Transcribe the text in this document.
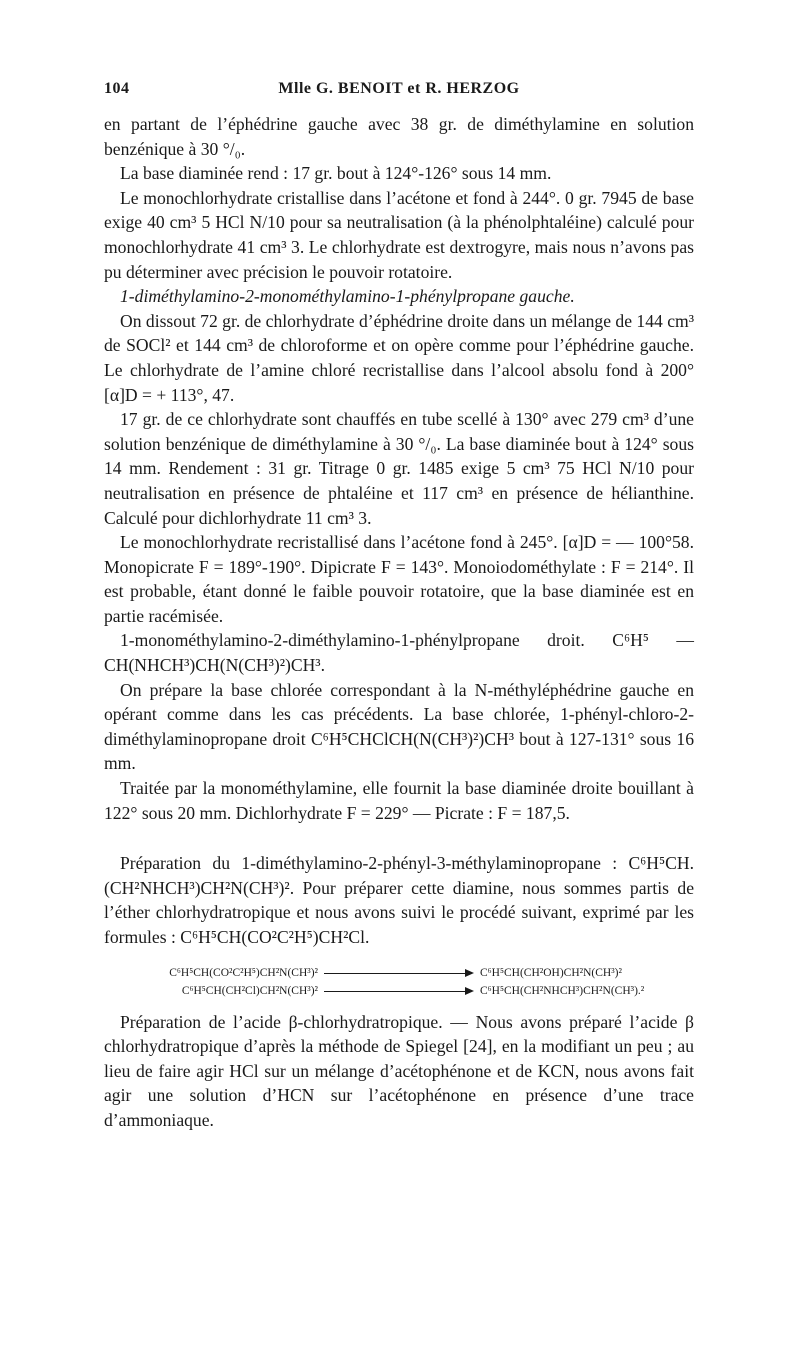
104	Mlle G. BENOIT et R. HERZOG

en partant de l’éphédrine gauche avec 38 gr. de diméthylamine en solution benzénique à 30 °/₀.

La base diaminée rend : 17 gr. bout à 124°-126° sous 14 mm.

Le monochlorhydrate cristallise dans l’acétone et fond à 244°. 0 gr. 7945 de base exige 40 cm³ 5 HCl N/10 pour sa neutralisation (à la phénolphtaléine) calculé pour monochlorhydrate 41 cm³ 3. Le chlorhydrate est dextrogyre, mais nous n’avons pas pu déterminer avec précision le pouvoir rotatoire.

1-diméthylamino-2-monométhylamino-1-phénylpropane gauche.

On dissout 72 gr. de chlorhydrate d’éphédrine droite dans un mélange de 144 cm³ de SOCl² et 144 cm³ de chloroforme et on opère comme pour l’éphédrine gauche. Le chlorhydrate de l’amine chloré recristallise dans l’alcool absolu fond à 200° [α]D = + 113°, 47.

17 gr. de ce chlorhydrate sont chauffés en tube scellé à 130° avec 279 cm³ d’une solution benzénique de diméthylamine à 30 °/₀. La base diaminée bout à 124° sous 14 mm. Rendement : 31 gr. Titrage 0 gr. 1485 exige 5 cm³ 75 HCl N/10 pour neutralisation en présence de phtaléine et 117 cm³ en présence de hélianthine. Calculé pour dichlorhydrate 11 cm³ 3.

Le monochlorhydrate recristallisé dans l’acétone fond à 245°. [α]D = — 100°58. Monopicrate F = 189°-190°. Dipicrate F = 143°. Monoiodométhylate : F = 214°. Il est probable, étant donné le faible pouvoir rotatoire, que la base diaminée est en partie racémisée.

1-monométhylamino-2-diméthylamino-1-phénylpropane droit. C⁶H⁵ — CH(NHCH³)CH(N(CH³)²)CH³.

On prépare la base chlorée correspondant à la N-méthyléphédrine gauche en opérant comme dans les cas précédents. La base chlorée, 1-phényl-chloro-2-diméthylaminopropane droit C⁶H⁵CHClCH(N(CH³)²)CH³ bout à 127-131° sous 16 mm.

Traitée par la monométhylamine, elle fournit la base diaminée droite bouillant à 122° sous 20 mm. Dichlorhydrate F = 229° — Picrate : F = 187,5.

Préparation du 1-diméthylamino-2-phényl-3-méthylaminopropane : C⁶H⁵CH.(CH²NHCH³)CH²N(CH³)². Pour préparer cette diamine, nous sommes partis de l’éther chlorhydratropique et nous avons suivi le procédé suivant, exprimé par les formules : C⁶H⁵CH(CO²C²H⁵)CH²Cl.

C⁶H⁵CH(CO²C²H⁵)CH²N(CH³)²	C⁶H⁵CH(CH²OH)CH²N(CH³)²
C⁶H⁵CH(CH²Cl)CH²N(CH³)²	C⁶H⁵CH(CH²NHCH³)CH²N(CH³).²

Préparation de l’acide β-chlorhydratropique. — Nous avons préparé l’acide β chlorhydratropique d’après la méthode de Spiegel [24], en la modifiant un peu ; au lieu de faire agir HCl sur un mélange d’acétophénone et de KCN, nous avons fait agir une solution d’HCN sur l’acétophénone en présence d’une trace d’ammoniaque.
